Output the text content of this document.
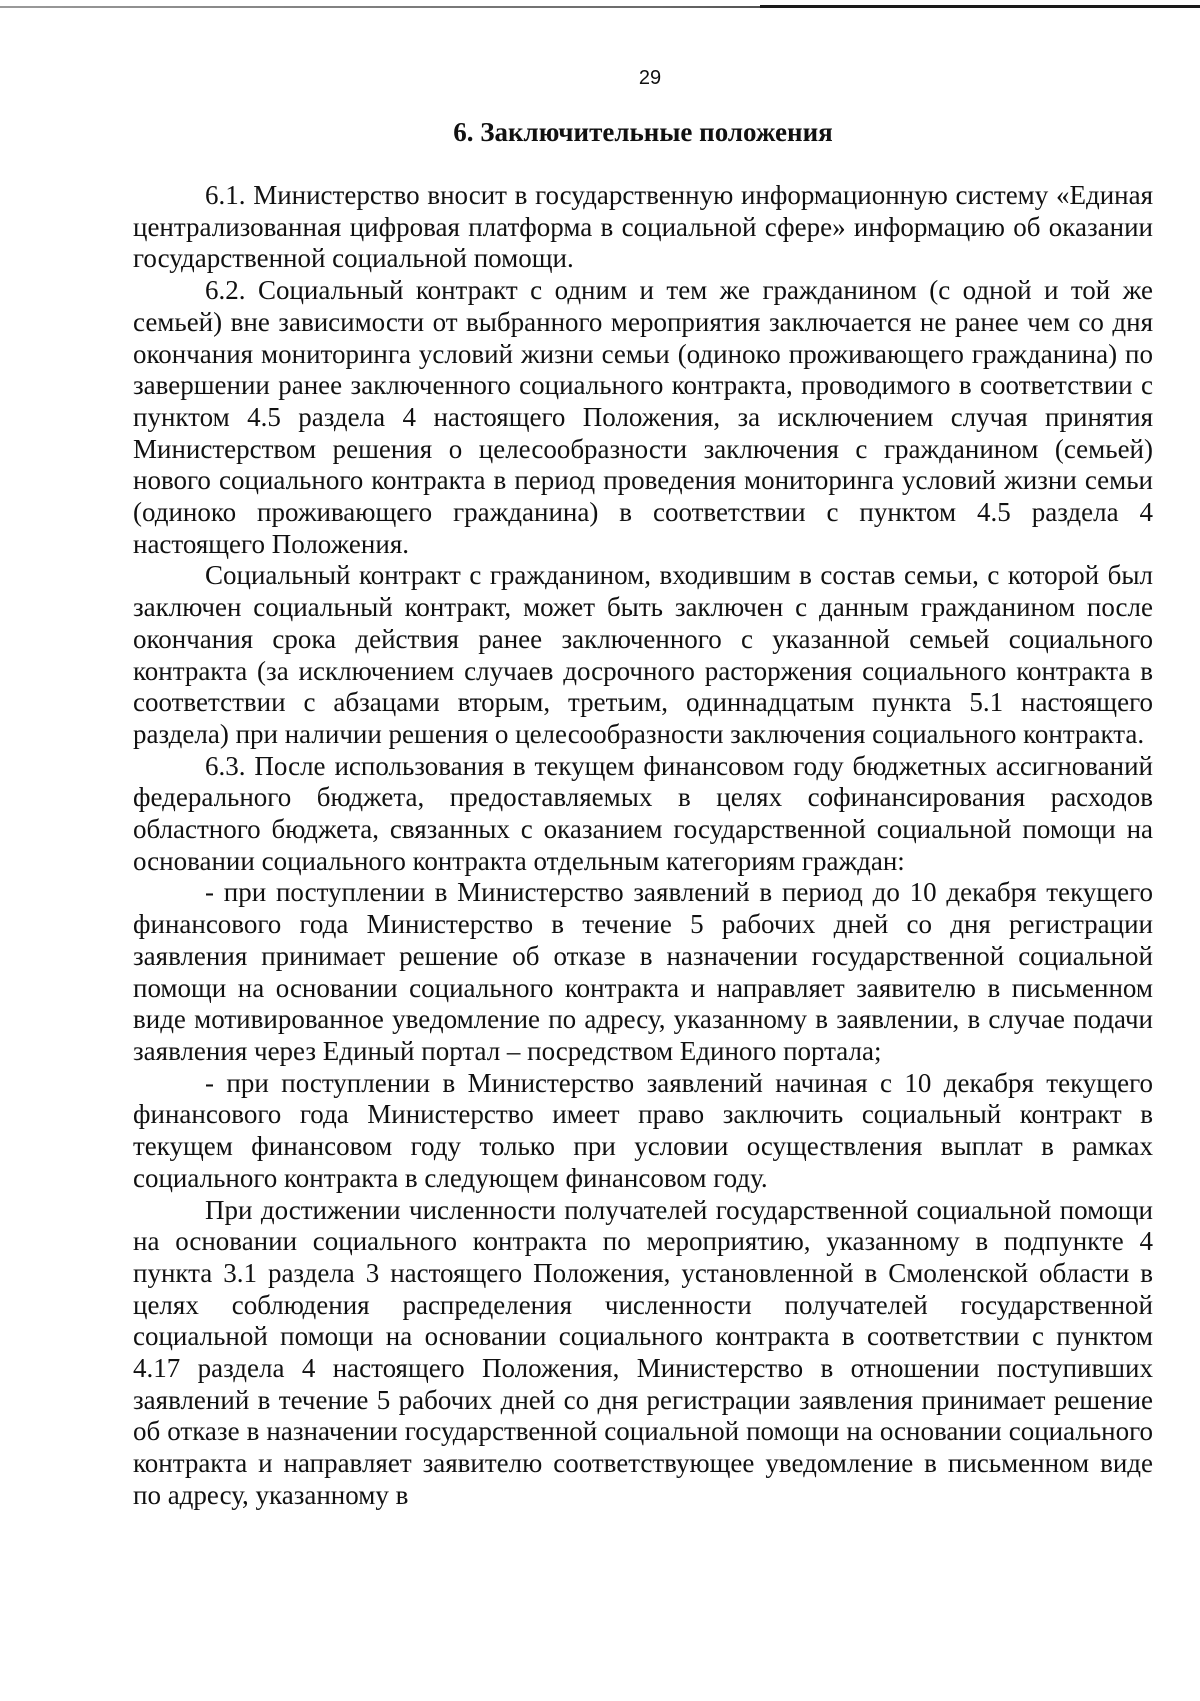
29
6. Заключительные положения

6.1. Министерство вносит в государственную информационную систему «Единая централизованная цифровая платформа в социальной сфере» информацию об оказании государственной социальной помощи.

6.2. Социальный контракт с одним и тем же гражданином (с одной и той же семьей) вне зависимости от выбранного мероприятия заключается не ранее чем со дня окончания мониторинга условий жизни семьи (одиноко проживающего гражданина) по завершении ранее заключенного социального контракта, проводимого в соответствии с пунктом 4.5 раздела 4 настоящего Положения, за исключением случая принятия Министерством решения о целесообразности заключения с гражданином (семьей) нового социального контракта в период проведения мониторинга условий жизни семьи (одиноко проживающего гражданина) в соответствии с пунктом 4.5 раздела 4 настоящего Положения.

Социальный контракт с гражданином, входившим в состав семьи, с которой был заключен социальный контракт, может быть заключен с данным гражданином после окончания срока действия ранее заключенного с указанной семьей социального контракта (за исключением случаев досрочного расторжения социального контракта в соответствии с абзацами вторым, третьим, одиннадцатым пункта 5.1 настоящего раздела) при наличии решения о целесообразности заключения социального контракта.

6.3. После использования в текущем финансовом году бюджетных ассигнований федерального бюджета, предоставляемых в целях софинансирования расходов областного бюджета, связанных с оказанием государственной социальной помощи на основании социального контракта отдельным категориям граждан:

- при поступлении в Министерство заявлений в период до 10 декабря текущего финансового года Министерство в течение 5 рабочих дней со дня регистрации заявления принимает решение об отказе в назначении государственной социальной помощи на основании социального контракта и направляет заявителю в письменном виде мотивированное уведомление по адресу, указанному в заявлении, в случае подачи заявления через Единый портал – посредством Единого портала;

- при поступлении в Министерство заявлений начиная с 10 декабря текущего финансового года Министерство имеет право заключить социальный контракт в текущем финансовом году только при условии осуществления выплат в рамках социального контракта в следующем финансовом году.

При достижении численности получателей государственной социальной помощи на основании социального контракта по мероприятию, указанному в подпункте 4 пункта 3.1 раздела 3 настоящего Положения, установленной в Смоленской области в целях соблюдения распределения численности получателей государственной социальной помощи на основании социального контракта в соответствии с пунктом 4.17 раздела 4 настоящего Положения, Министерство в отношении поступивших заявлений в течение 5 рабочих дней со дня регистрации заявления принимает решение об отказе в назначении государственной социальной помощи на основании социального контракта и направляет заявителю соответствующее уведомление в письменном виде по адресу, указанному в
